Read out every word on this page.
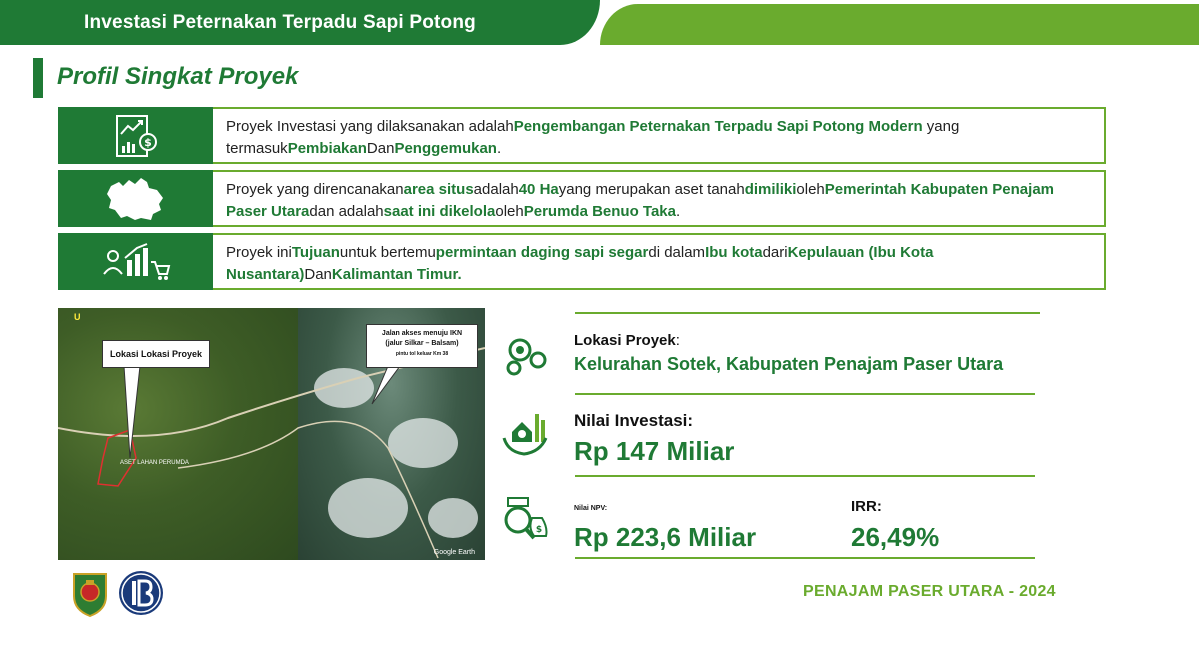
Investasi Peternakan Terpadu Sapi Potong
Profil Singkat Proyek
$
Proyek Investasi yang dilaksanakan adalahPengembangan Peternakan Terpadu Sapi Potong Modern yang termasukPembiakanDanPenggemukan.
Proyek yang direncanakanarea situsadalah40 Hayang merupakan aset tanahdimilikiolehPemerintah Kabupaten Penajam Paser Utaradan adalahsaat ini dikelolaolehPerumda Benuo Taka.
Proyek iniTujuanuntuk bertemupermintaan daging sapi segardi dalamIbu kotadariKepulauan (Ibu Kota Nusantara)DanKalimantan Timur.
U
Lokasi Lokasi Proyek
Jalan akses menuju IKN
(jalur Silkar – Balsam)
pintu tol keluar Km 38
ASET LAHAN PERUMDA
Google Earth
Lokasi Proyek:
Kelurahan Sotek, Kabupaten Penajam Paser Utara
Nilai Investasi:
Rp 147 Miliar
$
Nilai NPV:
Rp 223,6 Miliar
IRR:
26,49%
PENAJAM PASER UTARA - 2024
